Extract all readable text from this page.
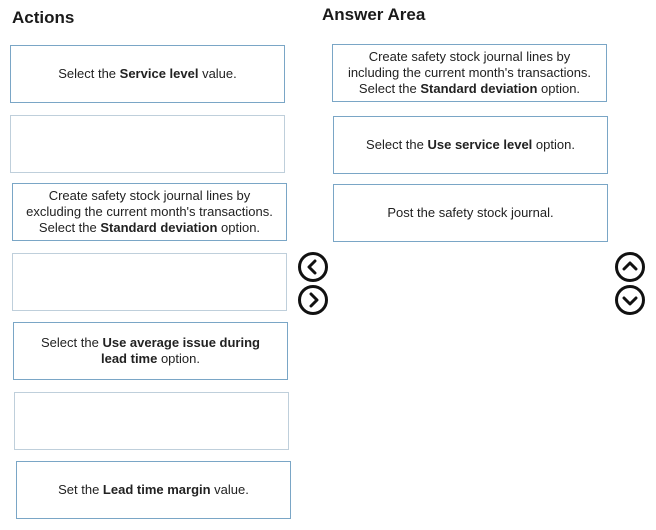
Actions	Answer Area
Select the Service level value.
Create safety stock journal lines by
excluding the current month's transactions.
Select the Standard deviation option.
Select the Use average issue during
lead time option.
Set the Lead time margin value.
Create safety stock journal lines by
including the current month's transactions.
Select the Standard deviation option.
Select the Use service level option.
Post the safety stock journal.
